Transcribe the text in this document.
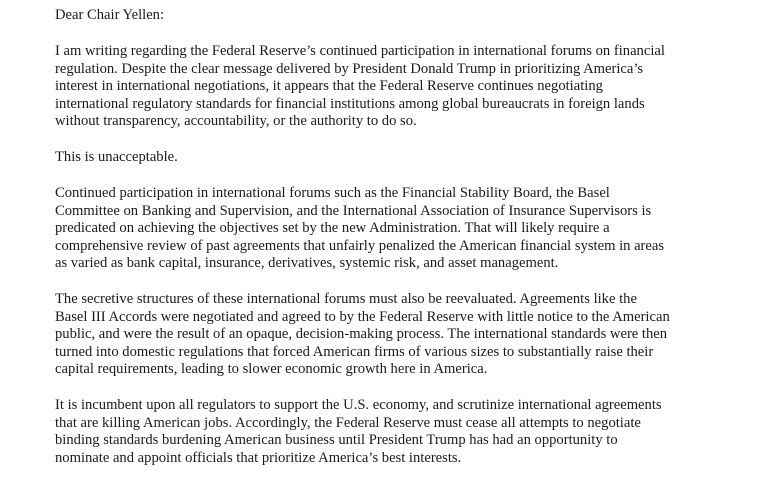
Dear Chair Yellen:

I am writing regarding the Federal Reserve’s continued participation in international forums on financial
regulation. Despite the clear message delivered by President Donald Trump in prioritizing America’s
interest in international negotiations, it appears that the Federal Reserve continues negotiating
international regulatory standards for financial institutions among global bureaucrats in foreign lands
without transparency, accountability, or the authority to do so.

This is unacceptable.

Continued participation in international forums such as the Financial Stability Board, the Basel
Committee on Banking and Supervision, and the International Association of Insurance Supervisors is
predicated on achieving the objectives set by the new Administration. That will likely require a
comprehensive review of past agreements that unfairly penalized the American financial system in areas
as varied as bank capital, insurance, derivatives, systemic risk, and asset management.

The secretive structures of these international forums must also be reevaluated. Agreements like the
Basel III Accords were negotiated and agreed to by the Federal Reserve with little notice to the American
public, and were the result of an opaque, decision-making process. The international standards were then
turned into domestic regulations that forced American firms of various sizes to substantially raise their
capital requirements, leading to slower economic growth here in America.

It is incumbent upon all regulators to support the U.S. economy, and scrutinize international agreements
that are killing American jobs. Accordingly, the Federal Reserve must cease all attempts to negotiate
binding standards burdening American business until President Trump has had an opportunity to
nominate and appoint officials that prioritize America’s best interests.
